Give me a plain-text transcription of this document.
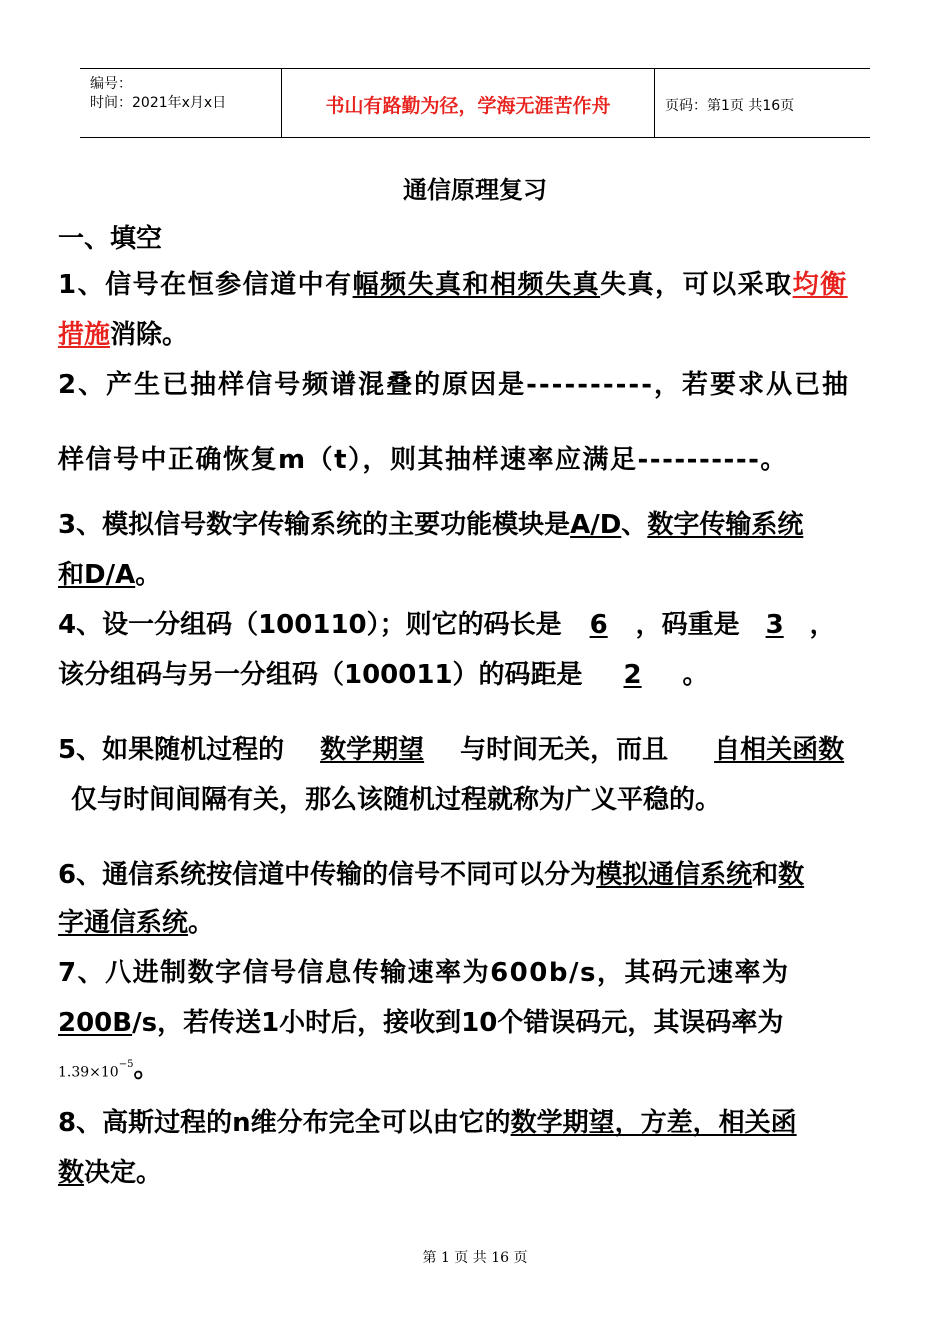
编号：
时间：2021年x月x日	书山有路勤为径，学海无涯苦作舟	页码：第1页 共16页
通信原理复习
一、填空
1、信号在恒参信道中有幅频失真和相频失真失真，可以采取均衡
措施消除。
2、产生已抽样信号频谱混叠的原因是----------，若要求从已抽
样信号中正确恢复m（t），则其抽样速率应满足----------。
3、模拟信号数字传输系统的主要功能模块是A/D、数字传输系统
和D/A。
4、设一分组码（100110）；则它的码长是 6 ，码重是 3 ，
该分组码与另一分组码（100011）的码距是 2 。
5、如果随机过程的 数学期望 与时间无关，而且 自相关函数
仅与时间间隔有关，那么该随机过程就称为广义平稳的。
6、通信系统按信道中传输的信号不同可以分为模拟通信系统和数
字通信系统。
7、八进制数字信号信息传输速率为600b/s，其码元速率为
200B/s，若传送1小时后，接收到10个错误码元，其误码率为
$1.39\times 10^{-5}$。
8、高斯过程的n维分布完全可以由它的数学期望，方差，相关函
数决定。
第 1 页 共 16 页
